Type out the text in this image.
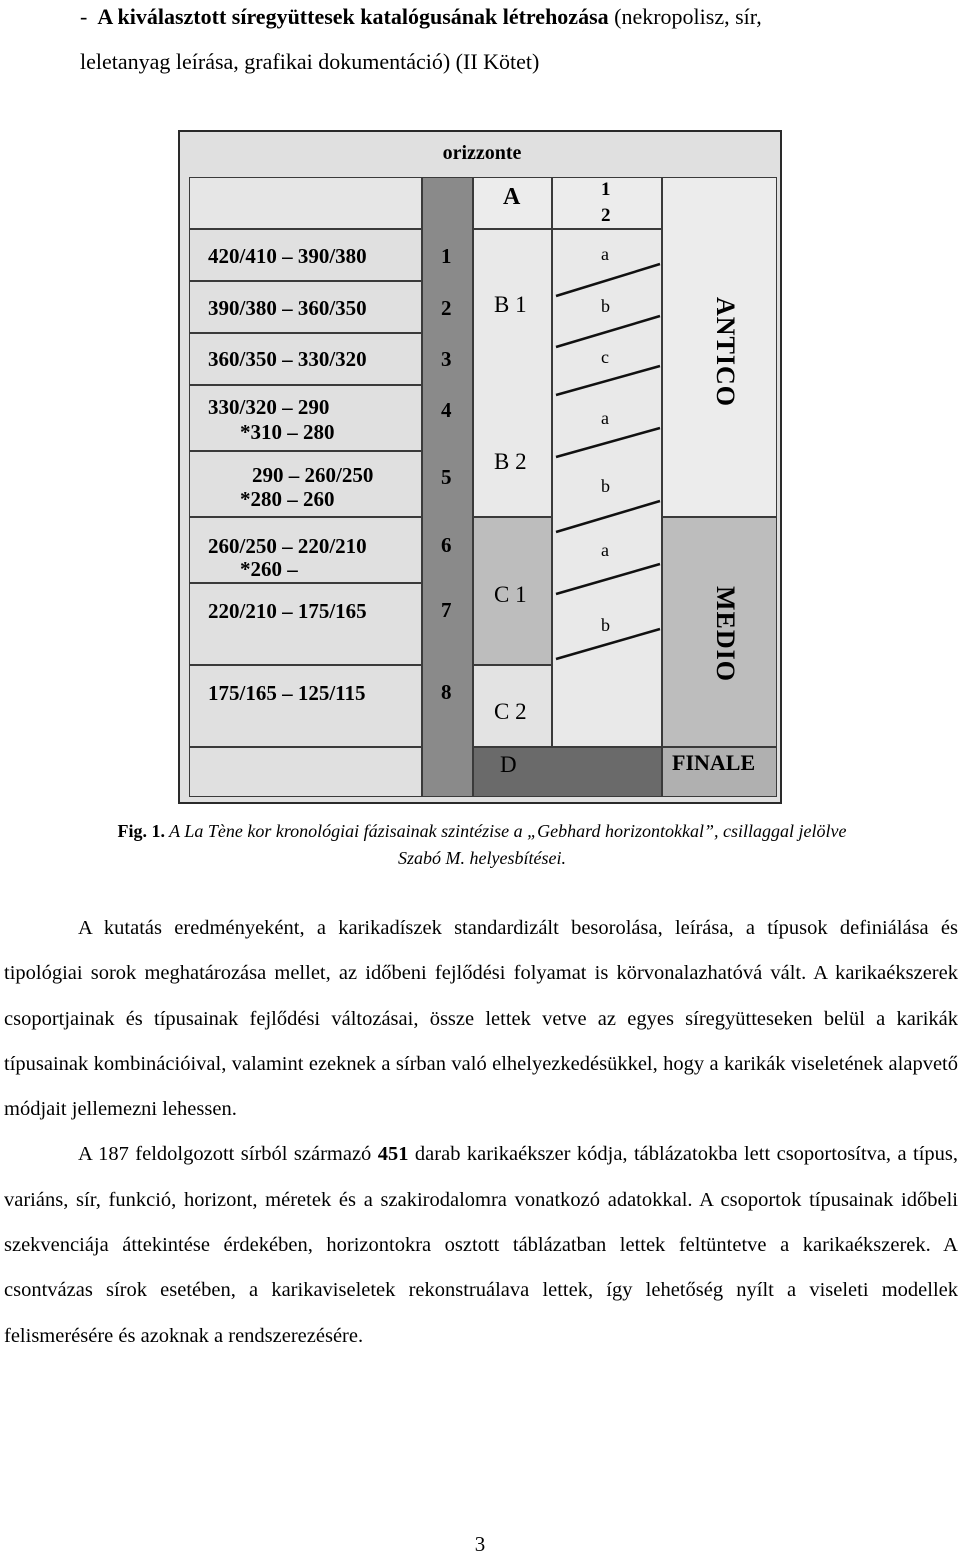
- A kiválasztott síregyüttesek katalógusának létrehozása (nekropolisz, sír,
leletanyag leírása, grafikai dokumentáció) (II Kötet)
orizzonte
420/410 – 390/380
390/380 – 360/350
360/350 – 330/320
330/320 – 290
*310 – 280
290 – 260/250
*280 – 260
260/250 – 220/210
*260 –
220/210 – 175/165
175/165 – 125/115
1
2
3
4
5
6
7
8
A
B 1
B 2
C 1
C 2
D
1
2
a
b
c
a
b
a
b
ANTICO
MEDIO
FINALE
Fig. 1. A La Tène kor kronológiai fázisainak szintézise a „Gebhard horizontokkal”, csillaggal jelölve
Szabó M. helyesbítései.

A kutatás eredményeként, a karikadíszek standardizált besorolása, leírása, a típusok definiálása és tipológiai sorok meghatározása mellet, az időbeni fejlődési folyamat is körvonalazhatóvá vált. A karikaékszerek csoportjainak és típusainak fejlődési változásai, össze lettek vetve az egyes síregyütteseken belül a karikák típusainak kombinációival, valamint ezeknek a sírban való elhelyezkedésükkel, hogy a karikák viseletének alapvető módjait jellemezni lehessen.

A 187 feldolgozott sírból származó 451 darab karikaékszer kódja, táblázatokba lett csoportosítva, a típus, variáns, sír, funkció, horizont, méretek és a szakirodalomra vonatkozó adatokkal. A csoportok típusainak időbeli szekvenciája áttekintése érdekében, horizontokra osztott táblázatban lettek feltüntetve a karikaékszerek. A csontvázas sírok esetében, a karikaviseletek rekonstruálava lettek, így lehetőség nyílt a viseleti modellek felismerésére és azoknak a rendszerezésére.

3
